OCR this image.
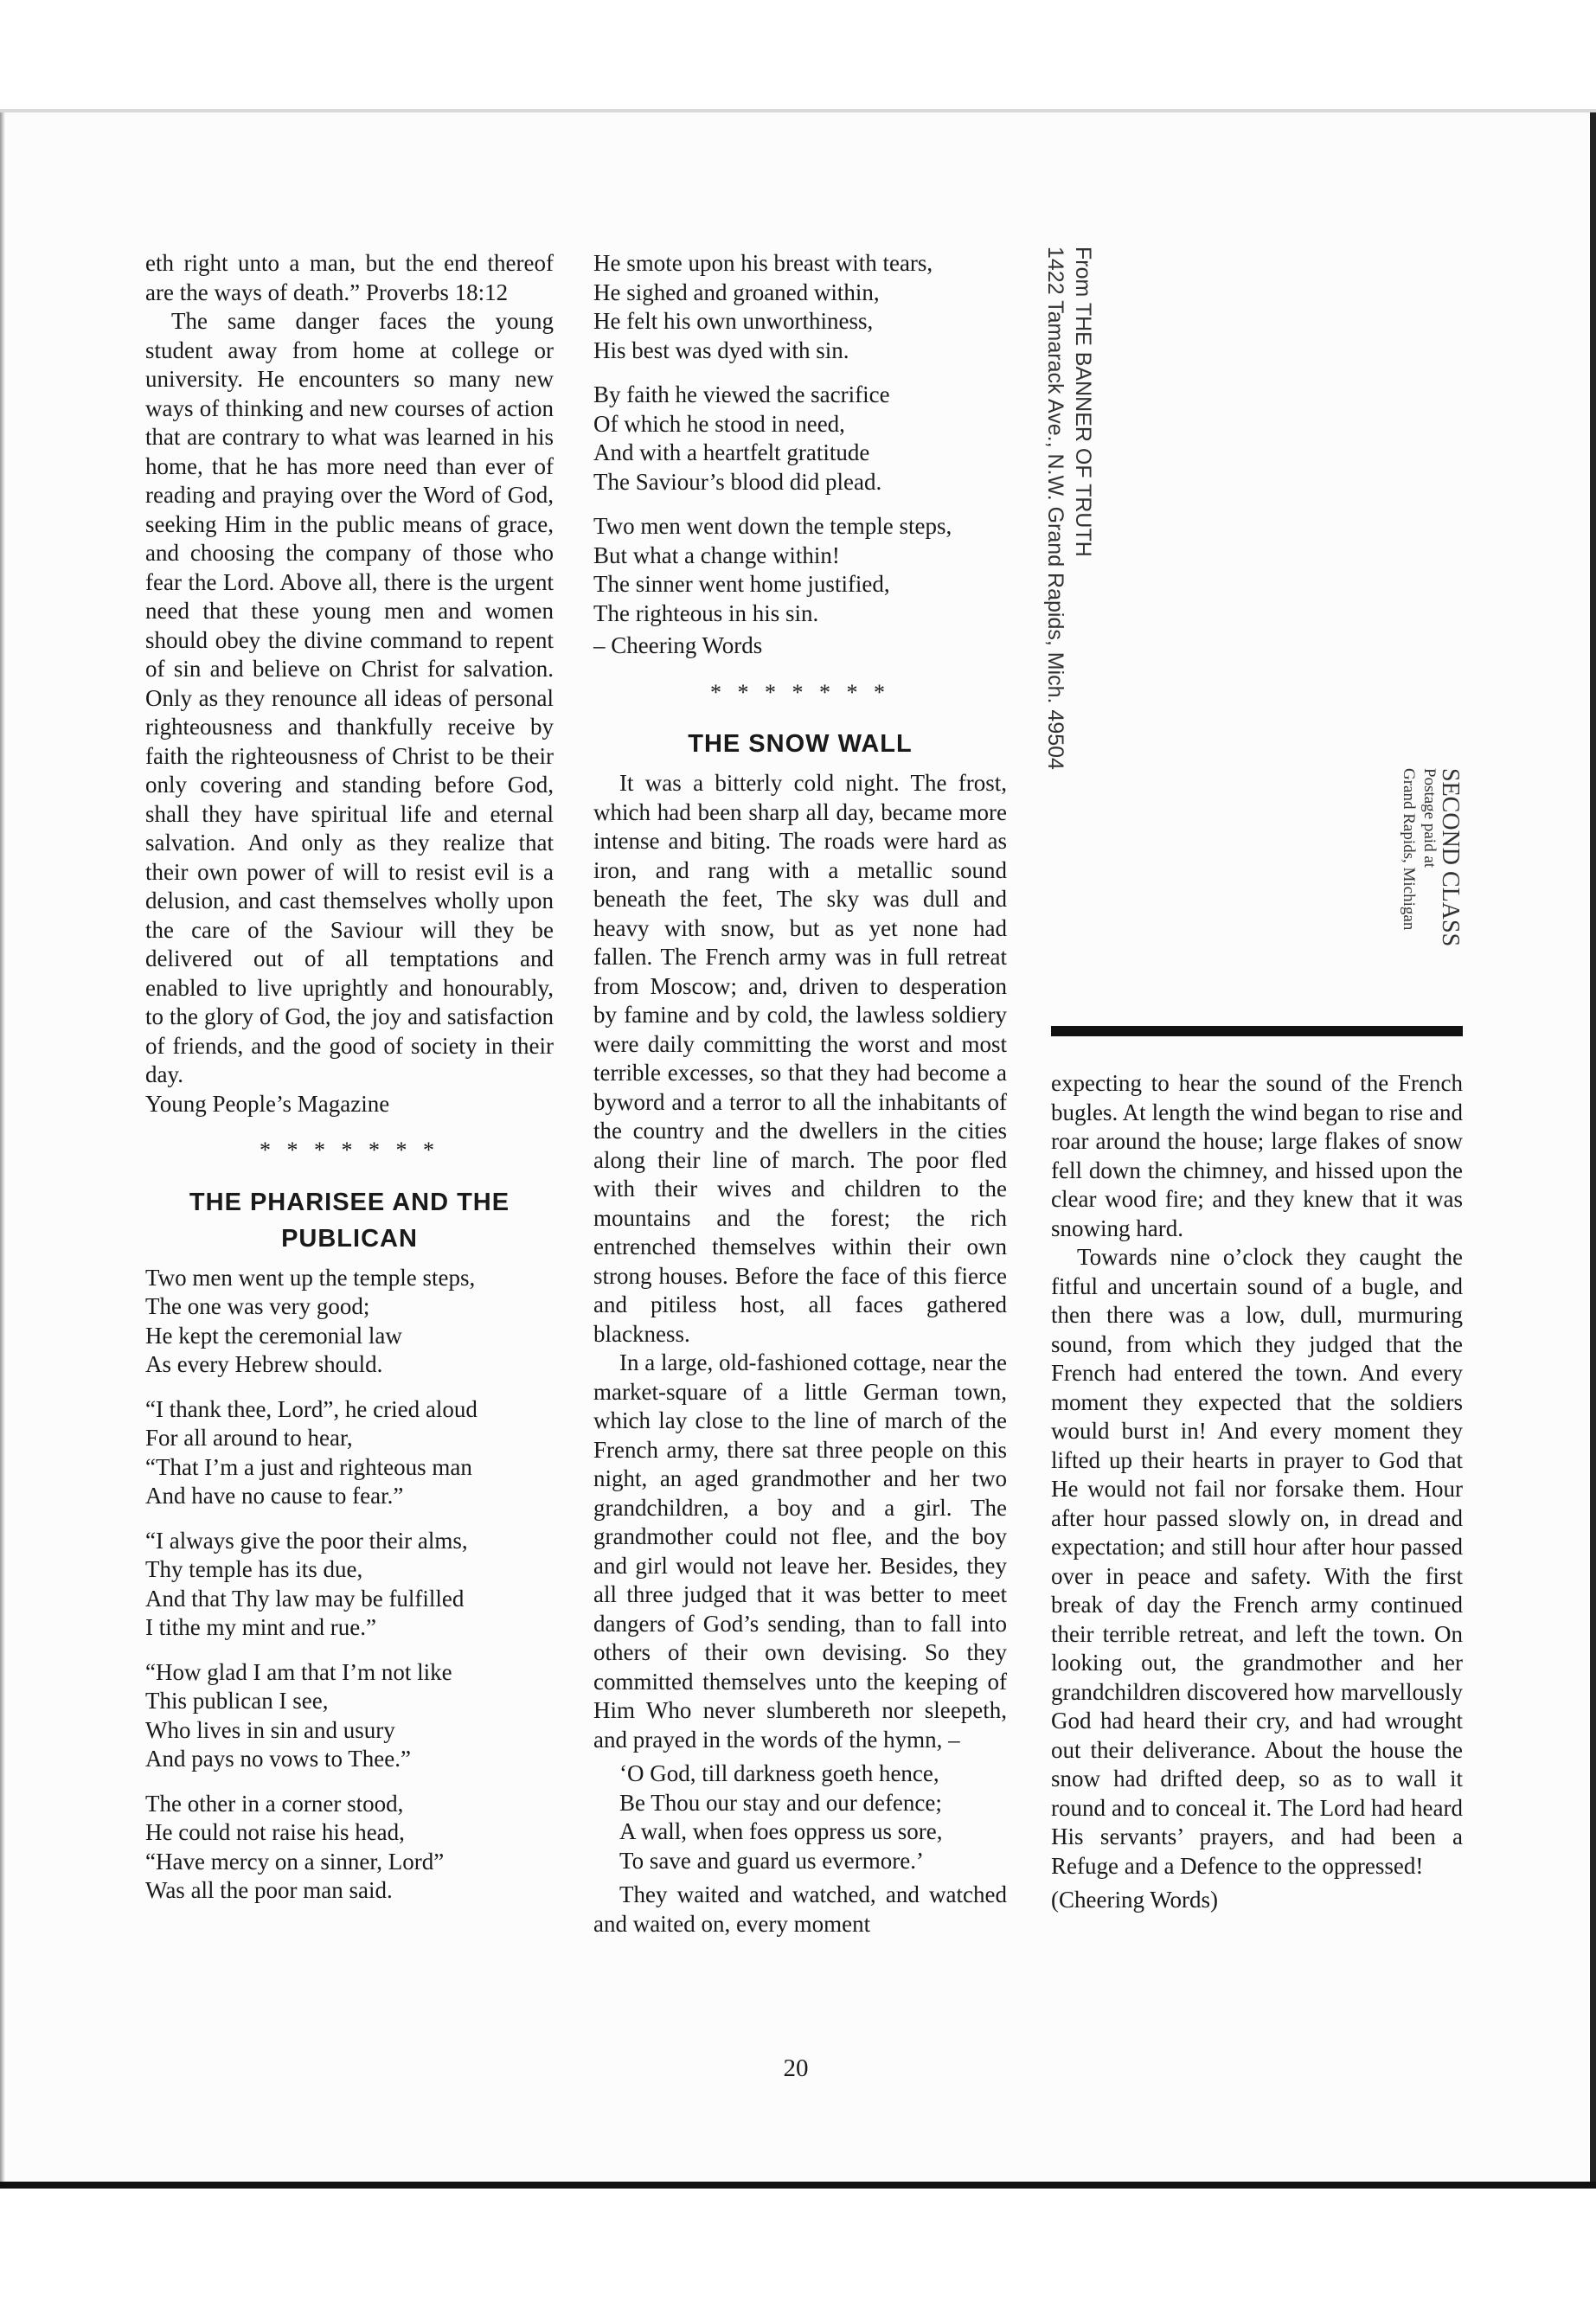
eth right unto a man, but the end thereof are the ways of death.” Proverbs 18:12

The same danger faces the young student away from home at college or university. He encounters so many new ways of thinking and new courses of action that are contrary to what was learned in his home, that he has more need than ever of reading and praying over the Word of God, seeking Him in the public means of grace, and choosing the company of those who fear the Lord. Above all, there is the urgent need that these young men and women should obey the divine command to repent of sin and believe on Christ for salvation. Only as they renounce all ideas of personal righteousness and thankfully receive by faith the righteousness of Christ to be their only covering and standing before God, shall they have spiritual life and eternal salvation. And only as they realize that their own power of will to resist evil is a delusion, and cast themselves wholly upon the care of the Saviour will they be delivered out of all temptations and enabled to live uprightly and honourably, to the glory of God, the joy and satisfaction of friends, and the good of society in their day.

Young People’s Magazine

* * * * * * *
THE PHARISEE AND THE
PUBLICAN
Two men went up the temple steps,
The one was very good;
He kept the ceremonial law
As every Hebrew should.
“I thank thee, Lord”, he cried aloud
For all around to hear,
“That I’m a just and righteous man
And have no cause to fear.”
“I always give the poor their alms,
Thy temple has its due,
And that Thy law may be fulfilled
I tithe my mint and rue.”
“How glad I am that I’m not like
This publican I see,
Who lives in sin and usury
And pays no vows to Thee.”
The other in a corner stood,
He could not raise his head,
“Have mercy on a sinner, Lord”
Was all the poor man said.
He smote upon his breast with tears,
He sighed and groaned within,
He felt his own unworthiness,
His best was dyed with sin.
By faith he viewed the sacrifice
Of which he stood in need,
And with a heartfelt gratitude
The Saviour’s blood did plead.
Two men went down the temple steps,
But what a change within!
The sinner went home justified,
The righteous in his sin.

– Cheering Words

* * * * * * *
THE SNOW WALL

It was a bitterly cold night. The frost, which had been sharp all day, became more intense and biting. The roads were hard as iron, and rang with a metallic sound beneath the feet, The sky was dull and heavy with snow, but as yet none had fallen. The French army was in full retreat from Moscow; and, driven to desperation by famine and by cold, the lawless soldiery were daily committing the worst and most terrible excesses, so that they had become a byword and a terror to all the inhabitants of the country and the dwellers in the cities along their line of march. The poor fled with their wives and children to the mountains and the forest; the rich entrenched themselves within their own strong houses. Before the face of this fierce and pitiless host, all faces gathered blackness.

In a large, old-fashioned cottage, near the market-square of a little German town, which lay close to the line of march of the French army, there sat three people on this night, an aged grandmother and her two grandchildren, a boy and a girl. The grandmother could not flee, and the boy and girl would not leave her. Besides, they all three judged that it was better to meet dangers of God’s sending, than to fall into others of their own devising. So they committed themselves unto the keeping of Him Who never slumbereth nor sleepeth, and prayed in the words of the hymn, –

‘O God, till darkness goeth hence,
Be Thou our stay and our defence;
A wall, when foes oppress us sore,
To save and guard us evermore.’

They waited and watched, and watched and waited on, every moment

From THE BANNER OF TRUTH
1422 Tamarack Ave., N.W. Grand Rapids, Mich. 49504
SECOND CLASS
Postage paid at
Grand Rapids, Michigan

expecting to hear the sound of the French bugles. At length the wind began to rise and roar around the house; large flakes of snow fell down the chimney, and hissed upon the clear wood fire; and they knew that it was snowing hard.

Towards nine o’clock they caught the fitful and uncertain sound of a bugle, and then there was a low, dull, murmuring sound, from which they judged that the French had entered the town. And every moment they expected that the soldiers would burst in! And every moment they lifted up their hearts in prayer to God that He would not fail nor forsake them. Hour after hour passed slowly on, in dread and expectation; and still hour after hour passed over in peace and safety. With the first break of day the French army continued their terrible retreat, and left the town. On looking out, the grandmother and her grandchildren discovered how marvellously God had heard their cry, and had wrought out their deliverance. About the house the snow had drifted deep, so as to wall it round and to conceal it. The Lord had heard His servants’ prayers, and had been a Refuge and a Defence to the oppressed!

(Cheering Words)

20
